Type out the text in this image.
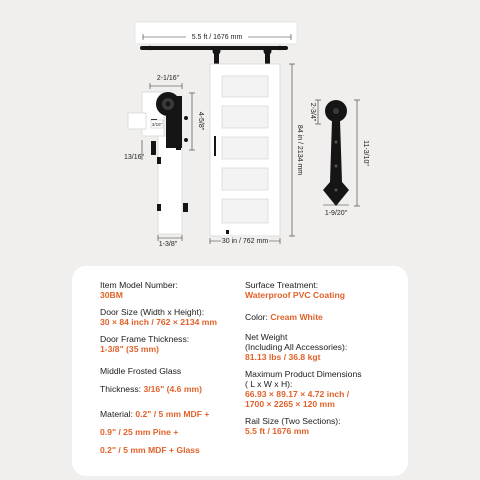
5.5 ft / 1676 mm
84 in / 2134 mm
30 in / 762 mm
3/16"
2-1/16"
4-5/8"
13/16"
1-3/8"
2-3/4"
11-3/10"
1-9/20"
Item Model Number:
30BM
Door Size (Width x Height):
30 × 84 inch / 762 × 2134 mm
Door Frame Thickness:
1-3/8" (35 mm)
Middle Frosted Glass
Thickness: 3/16" (4.6 mm)
Material: 0.2" / 5 mm MDF +
0.9" / 25 mm Pine +
0.2" / 5 mm MDF + Glass
Surface Treatment:
Waterproof PVC Coating
Color: Cream White
Net Weight
(Including All Accessories):
81.13 lbs / 36.8 kgt
Maximum Product Dimensions
( L x W x H):
66.93 × 89.17 × 4.72 inch /
1700 × 2265 × 120 mm
Rail Size (Two Sections):
5.5 ft / 1676 mm
